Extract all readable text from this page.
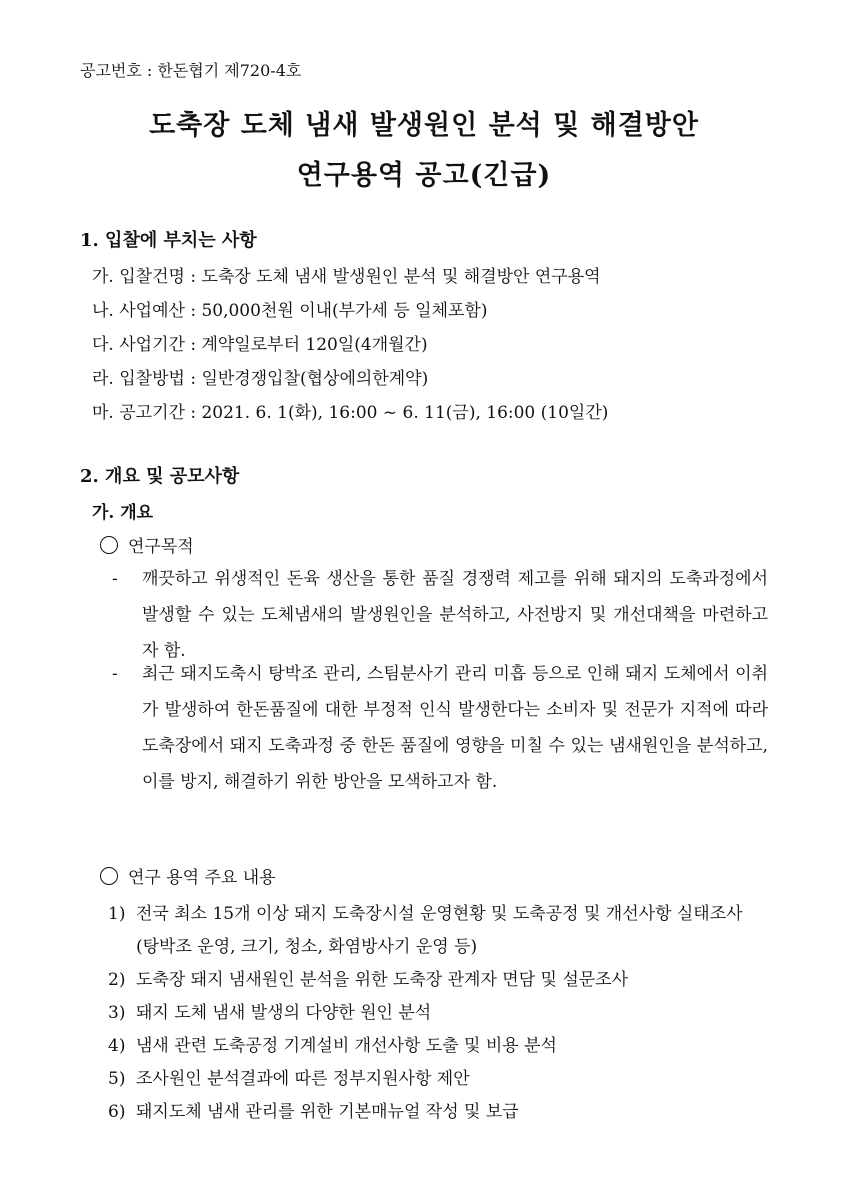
공고번호 : 한돈협기 제720-4호
도축장 도체 냄새 발생원인 분석 및 해결방안
연구용역 공고(긴급)
1. 입찰에 부치는 사항
가. 입찰건명 : 도축장 도체 냄새 발생원인 분석 및 해결방안 연구용역
나. 사업예산 : 50,000천원 이내(부가세 등 일체포함)
다. 사업기간 : 계약일로부터 120일(4개월간)
라. 입찰방법 : 일반경쟁입찰(협상에의한계약)
마. 공고기간 : 2021. 6. 1(화), 16:00 ~ 6. 11(금), 16:00 (10일간)
2. 개요 및 공모사항
가. 개요
연구목적
- 깨끗하고 위생적인 돈육 생산을 통한 품질 경쟁력 제고를 위해 돼지의 도축과정에서 발생할 수 있는 도체냄새의 발생원인을 분석하고, 사전방지 및 개선대책을 마련하고자 함.
- 최근 돼지도축시 탕박조 관리, 스팀분사기 관리 미흡 등으로 인해 돼지 도체에서 이취가 발생하여 한돈품질에 대한 부정적 인식 발생한다는 소비자 및 전문가 지적에 따라 도축장에서 돼지 도축과정 중 한돈 품질에 영향을 미칠 수 있는 냄새원인을 분석하고, 이를 방지, 해결하기 위한 방안을 모색하고자 함.
연구 용역 주요 내용
1) 전국 최소 15개 이상 돼지 도축장시설 운영현황 및 도축공정 및 개선사항 실태조사
(탕박조 운영, 크기, 청소, 화염방사기 운영 등)
2) 도축장 돼지 냄새원인 분석을 위한 도축장 관계자 면담 및 설문조사
3) 돼지 도체 냄새 발생의 다양한 원인 분석
4) 냄새 관련 도축공정 기계설비 개선사항 도출 및 비용 분석
5) 조사원인 분석결과에 따른 정부지원사항 제안
6) 돼지도체 냄새 관리를 위한 기본매뉴얼 작성 및 보급
